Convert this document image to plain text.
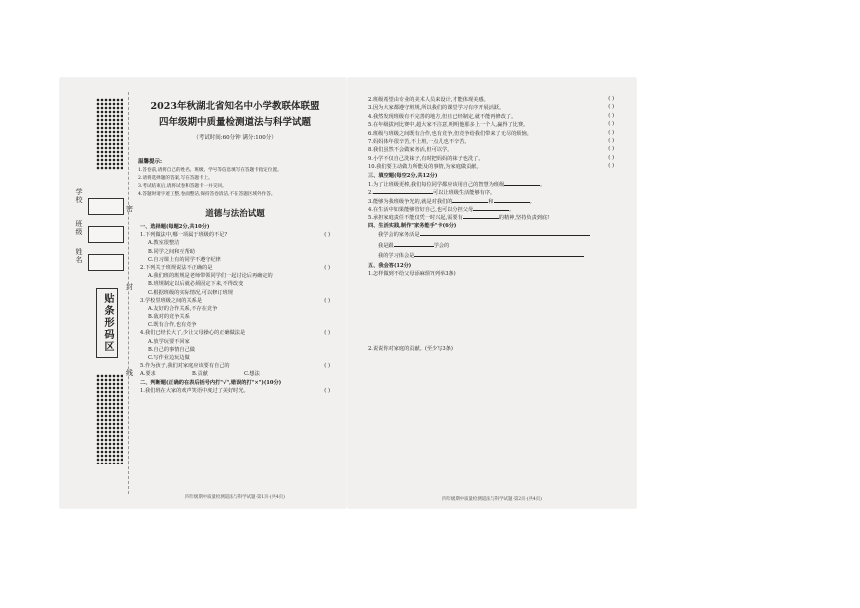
学校
班级
姓名
密
封
线
贴条形码区
2023年秋湖北省知名中小学教联体联盟
四年级期中质量检测道法与科学试题
（考试时间:60分钟 满分:100分）
温馨提示:
1.答卷前,请将自己的姓名、班级、学号等信息填写在答题卡指定位置。
2.请将选择题的答案,写在答题卡上。
3.考试结束后,请将试卷和答题卡一并交回。
4.答题时请字迹工整,卷面整洁,保持答卷清洁,不在答题区域外作答。
道德与法治试题
一、选择题(每题2分,共10分)
1.下列做法中,哪一项属于班级的不足?	( )
A.教室很整洁
B.同学之间和互帮助
C.自习课上有的同学不遵守纪律
2.下列关于班规说法不正确的是	( )
A.我们班的班规是老师带领同学们一起讨论后再确定的
B.班规制定以后就必须固定下来,不得改变
C.根据班级的实际情况,可以修订班规
3.学校里班级之间的关系是	( )
A.友好的合作关系,不存在竞争
B.敌对的竞争关系
C.既有合作,也有竞争
4.我们已经长大了,少让父母操心的正确做法是	( )
A.放学玩要不回家
B.自己的事情自己做
C.写作业边玩边做
5.作为孩子,我们对家庭应该要有自己的	( )
A.要求	B.贡献	C.想法
二、判断题(正确的在表后括号内打"√",错误的打"×")(10分)
1.我们班在大家的欢声笑语中度过了美好时光。	( )
四年级期中质量检测道法与科学试题·第1页·(共4页)
2.班级希望由专业的美术人员来设计,才能体现美感。	( )
3.因为大家都遵守班规,所以我们的课堂学习有序开展活跃。	( )
4.我然发现班级有不完善的地方,但且已经制定,就不能再修改了。	( )
5.在年级拔河比赛中,超大家不注意,明明他那多上一个人,赢得了比赛。	( )
6.班级与班级之间既有合作,也有竞争,但竞争给我们带来了无尽的烦恼。	( )
7.妈妈体年很辛苦,不上班,一点儿也不辛苦。	( )
8.我们虽然不会做家务活,但可以学。	( )
9.小学不仅自己洗袜子,有时把妈妈的袜子也洗了。	( )
10.我们要主动做力所能及的事情,为家庭做贡献。	( )
三、填空题(每空2分,共12分)
1.为了让班级更棒,我们每位同学都应该用自己的智慧为班级	。
2.	可以让班级生活能够有序。
3.能够为我班级争光的,就是对我们的	和	。
4.在生活中如果能够管好自己,也可以分担父母	。
5.承担家庭责任不能仅凭一时兴起,需要有	的精神,坚持负责到底!
四、生活实践,制作"家务能手"卡(6分)
我学会的家务活是
我是跟	学会的
我的学习体会是
五、我会答(12分)
1.怎样做到不给父母添麻烦?(列举3条)
2.说说你对家庭的贡献。(至少写3条)
四年级期中质量检测道法与科学试题·第2页·(共4页)
